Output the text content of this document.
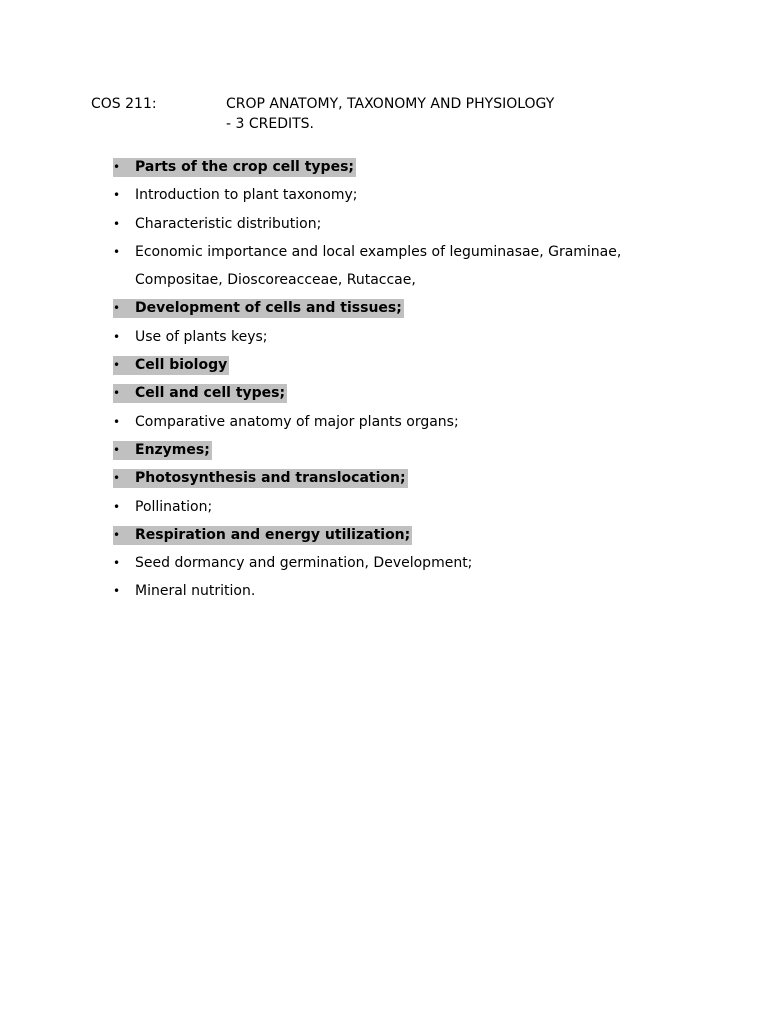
COS 211:	CROP ANATOMY, TAXONOMY AND PHYSIOLOGY
- 3 CREDITS.
•	Parts of the crop cell types;
•	Introduction to plant taxonomy;
•	Characteristic distribution;
•	Economic importance and local examples of leguminasae, Graminae,
Compositae, Dioscoreacceae, Rutaccae,
•	Development of cells and tissues;
•	Use of plants keys;
•	Cell biology
•	Cell and cell types;
•	Comparative anatomy of major plants organs;
•	Enzymes;
•	Photosynthesis and translocation;
•	Pollination;
•	Respiration and energy utilization;
•	Seed dormancy and germination, Development;
•	Mineral nutrition.
